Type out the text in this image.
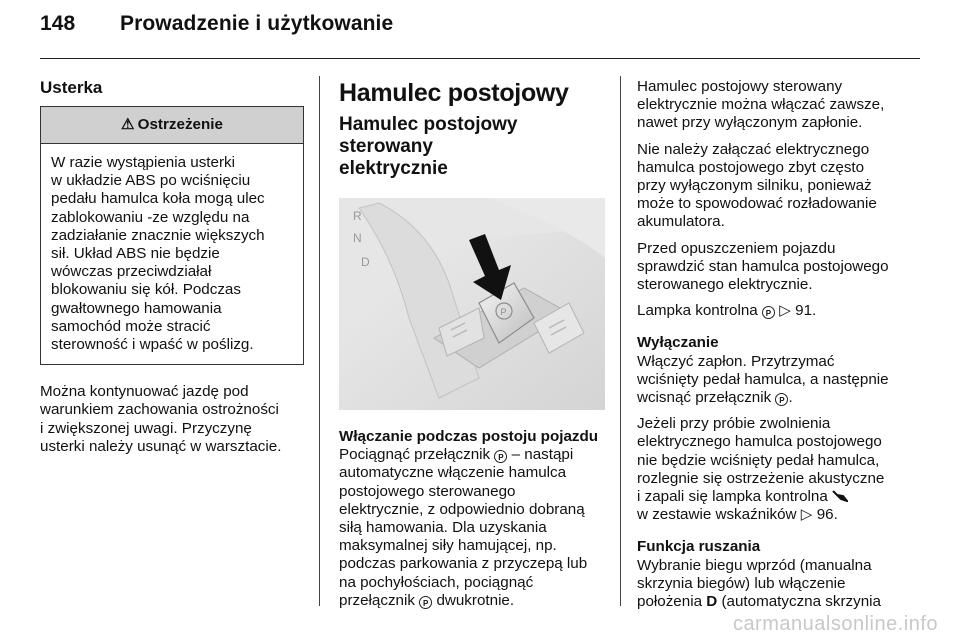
148 Prowadzenie i użytkowanie
Usterka
⚠ Ostrzeżenie
W razie wystąpienia usterki
w układzie ABS po wciśnięciu
pedału hamulca koła mogą ulec
zablokowaniu -ze względu na
zadziałanie znacznie większych
sił. Układ ABS nie będzie
wówczas przeciwdziałał
blokowaniu się kół. Podczas
gwałtownego hamowania
samochód może stracić
sterowność i wpaść w poślizg.
Można kontynuować jazdę pod
warunkiem zachowania ostrożności
i zwiększonej uwagi. Przyczynę
usterki należy usunąć w warsztacie.
Hamulec postojowy
Hamulec postojowy sterowany
elektrycznie
R
N
D
P
Włączanie podczas postoju pojazdu
Pociągnąć przełącznik P – nastąpi
automatyczne włączenie hamulca
postojowego sterowanego
elektrycznie, z odpowiednio dobraną
siłą hamowania. Dla uzyskania
maksymalnej siły hamującej, np.
podczas parkowania z przyczepą lub
na pochyłościach, pociągnąć
przełącznik P dwukrotnie.

Hamulec postojowy sterowany
elektrycznie można włączać zawsze,
nawet przy wyłączonym zapłonie.

Nie należy załączać elektrycznego
hamulca postojowego zbyt często
przy wyłączonym silniku, ponieważ
może to spowodować rozładowanie
akumulatora.

Przed opuszczeniem pojazdu
sprawdzić stan hamulca postojowego
sterowanego elektrycznie.

Lampka kontrolna P ▷ 91.

Wyłączanie

Włączyć zapłon. Przytrzymać
wciśnięty pedał hamulca, a następnie
wcisnąć przełącznik P .

Jeżeli przy próbie zwolnienia
elektrycznego hamulca postojowego
nie będzie wciśnięty pedał hamulca,
rozlegnie się ostrzeżenie akustyczne
i zapali się lampka kontrolna
w zestawie wskaźników ▷ 96.

Funkcja ruszania
Wybranie biegu wprzód (manualna
skrzynia biegów) lub włączenie
położenia D (automatyczna skrzynia
carmanualsonline.info
